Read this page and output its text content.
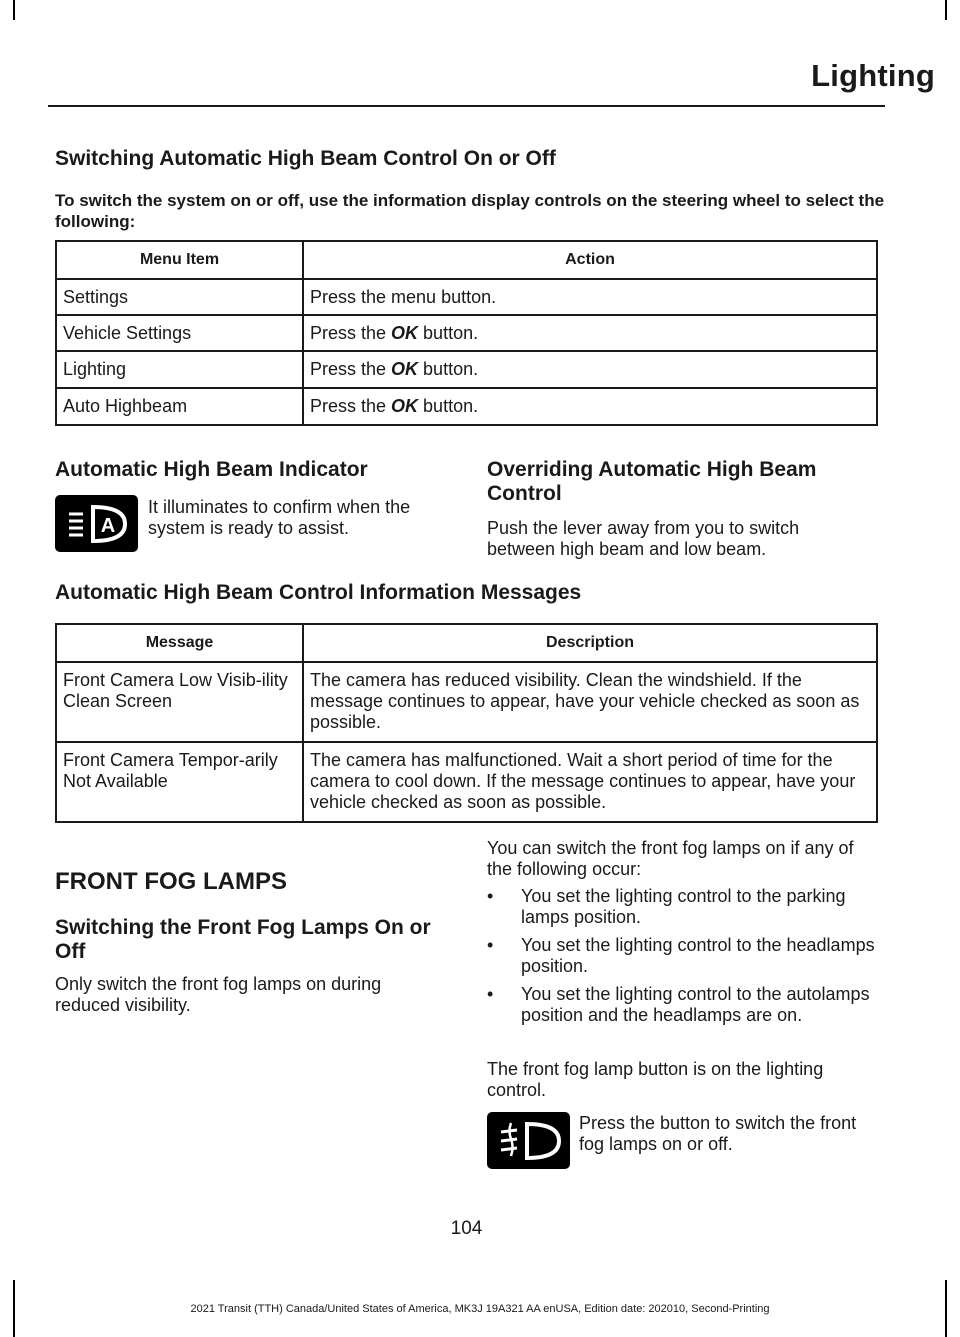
Lighting
Switching Automatic High Beam Control On or Off
To switch the system on or off, use the information display controls on the steering wheel to select the following:
Menu Item	Action
Settings	Press the menu button.
Vehicle Settings	Press the OK button.
Lighting	Press the OK button.
Auto Highbeam	Press the OK button.
Automatic High Beam Indicator
A
It illuminates to confirm when the system is ready to assist.
Overriding Automatic High Beam Control
Push the lever away from you to switch between high beam and low beam.
Automatic High Beam Control Information Messages
Message	Description
Front Camera Low Visib-ility Clean Screen	The camera has reduced visibility. Clean the windshield. If the message continues to appear, have your vehicle checked as soon as possible.
Front Camera Tempor-arily Not Available	The camera has malfunctioned. Wait a short period of time for the camera to cool down. If the message continues to appear, have your vehicle checked as soon as possible.
FRONT FOG LAMPS
Switching the Front Fog Lamps On or Off
Only switch the front fog lamps on during reduced visibility.
You can switch the front fog lamps on if any of the following occur:
• You set the lighting control to the parking lamps position.
• You set the lighting control to the headlamps position.
• You set the lighting control to the autolamps position and the headlamps are on.
The front fog lamp button is on the lighting control.
Press the button to switch the front fog lamps on or off.
104
2021 Transit (TTH) Canada/United States of America, MK3J 19A321 AA enUSA, Edition date: 202010, Second-Printing
